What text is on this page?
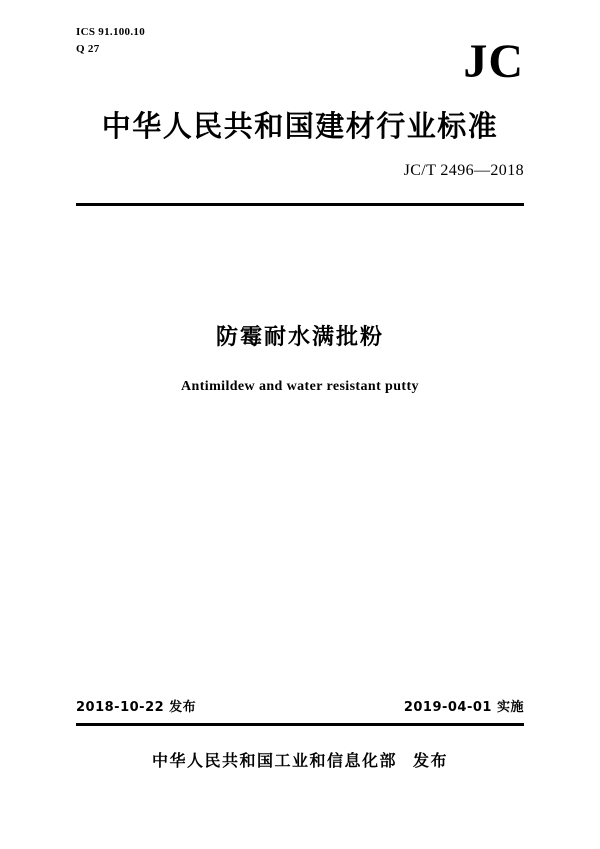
ICS 91.100.10
Q 27	JC
中华人民共和国建材行业标准
JC/T 2496—2018
防霉耐水满批粉
Antimildew and water resistant putty
2018-10-22 发布	2019-04-01 实施
中华人民共和国工业和信息化部 发布
